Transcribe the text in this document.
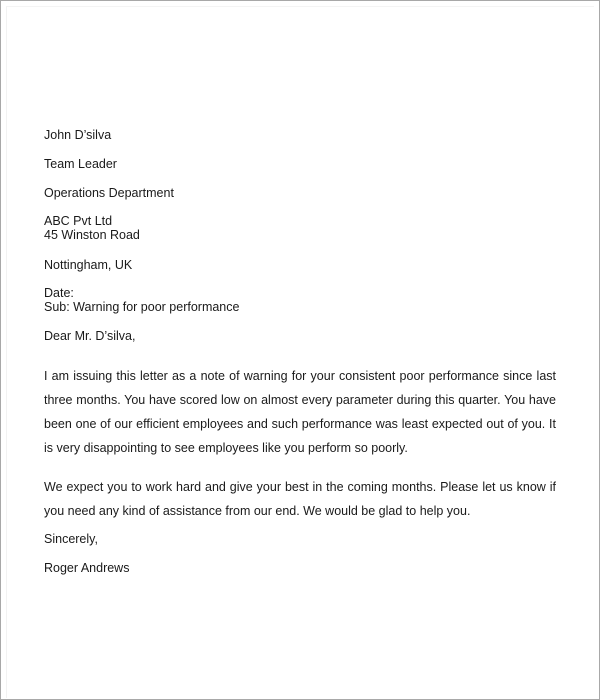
John D’silva
Team Leader
Operations Department
ABC Pvt Ltd
45 Winston Road
Nottingham, UK
Date:
Sub: Warning for poor performance
Dear Mr. D’silva,
I am issuing this letter as a note of warning for your consistent poor performance since last three months. You have scored low on almost every parameter during this quarter. You have been one of our efficient employees and such performance was least expected out of you. It is very disappointing to see employees like you perform so poorly.
We expect you to work hard and give your best in the coming months. Please let us know if you need any kind of assistance from our end. We would be glad to help you.
Sincerely,
Roger Andrews
